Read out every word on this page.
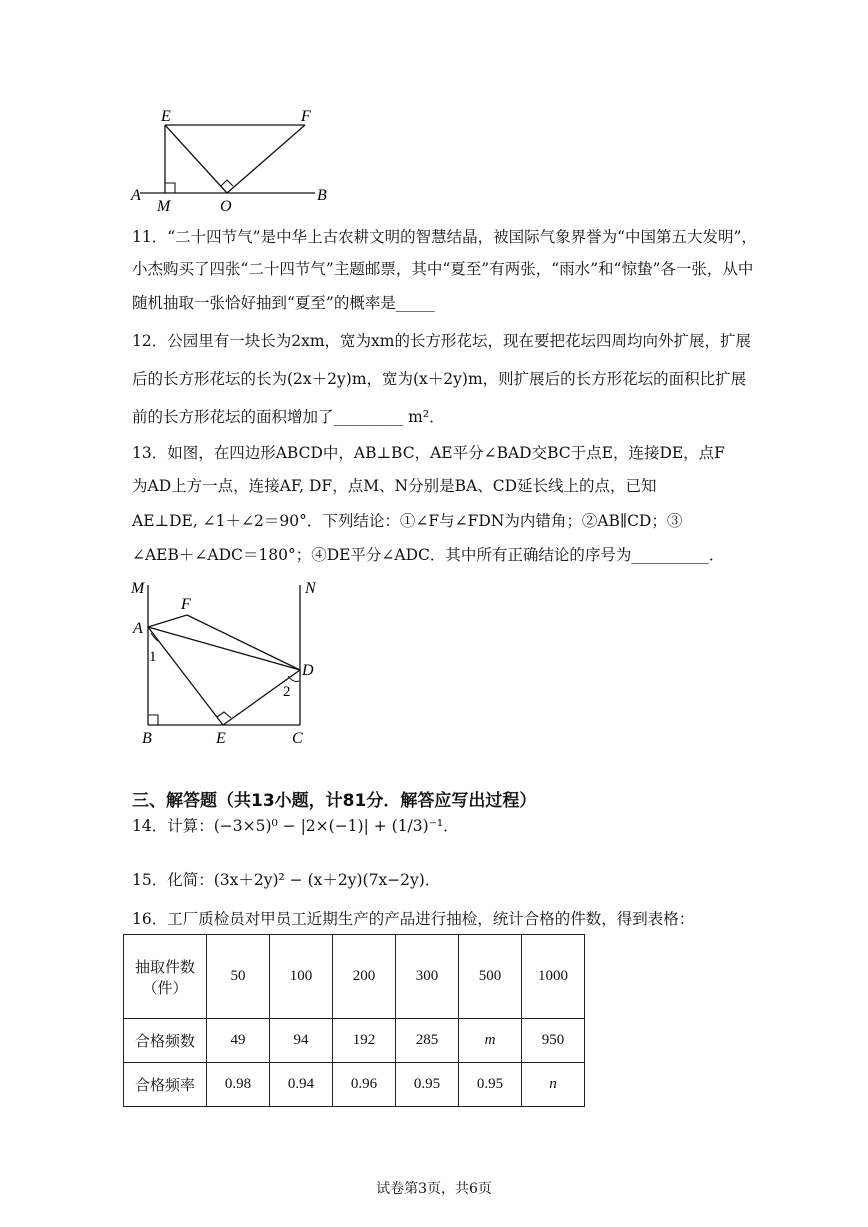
E	F
A
M	O
B
11．“二十四节气”是中华上古农耕文明的智慧结晶，被国际气象界誉为“中国第五大发明”，
小杰购买了四张“二十四节气”主题邮票，其中“夏至”有两张，“雨水”和“惊蛰”各一张，从中
随机抽取一张恰好抽到“夏至”的概率是_____
12．公园里有一块长为2xm，宽为xm的长方形花坛，现在要把花坛四周均向外扩展，扩展
后的长方形花坛的长为(2x＋2y)m，宽为(x＋2y)m，则扩展后的长方形花坛的面积比扩展
前的长方形花坛的面积增加了_________ m²．
13．如图，在四边形ABCD中，AB⊥BC，AE平分∠BAD交BC于点E，连接DE，点F
为AD上方一点，连接AF, DF，点M、N分别是BA、CD延长线上的点，已知
AE⊥DE, ∠1＋∠2＝90°．下列结论：①∠F与∠FDN为内错角；②AB∥CD；③
∠AEB＋∠ADC＝180°；④DE平分∠ADC．其中所有正确结论的序号为__________．
M	N
F
A
1
D
2
B	E	C
三、解答题（共13小题，计81分．解答应写出过程）
14．计算：(−3×5)⁰ − |2×(−1)| + (1/3)⁻¹．
15．化简：(3x＋2y)² − (x＋2y)(7x−2y)．
16．工厂质检员对甲员工近期生产的产品进行抽检，统计合格的件数，得到表格：
抽取件数（件）	50	100	200	300	500	1000
合格频数	49	94	192	285	m	950
合格频率	0.98	0.94	0.96	0.95	0.95	n
试卷第3页，共6页
